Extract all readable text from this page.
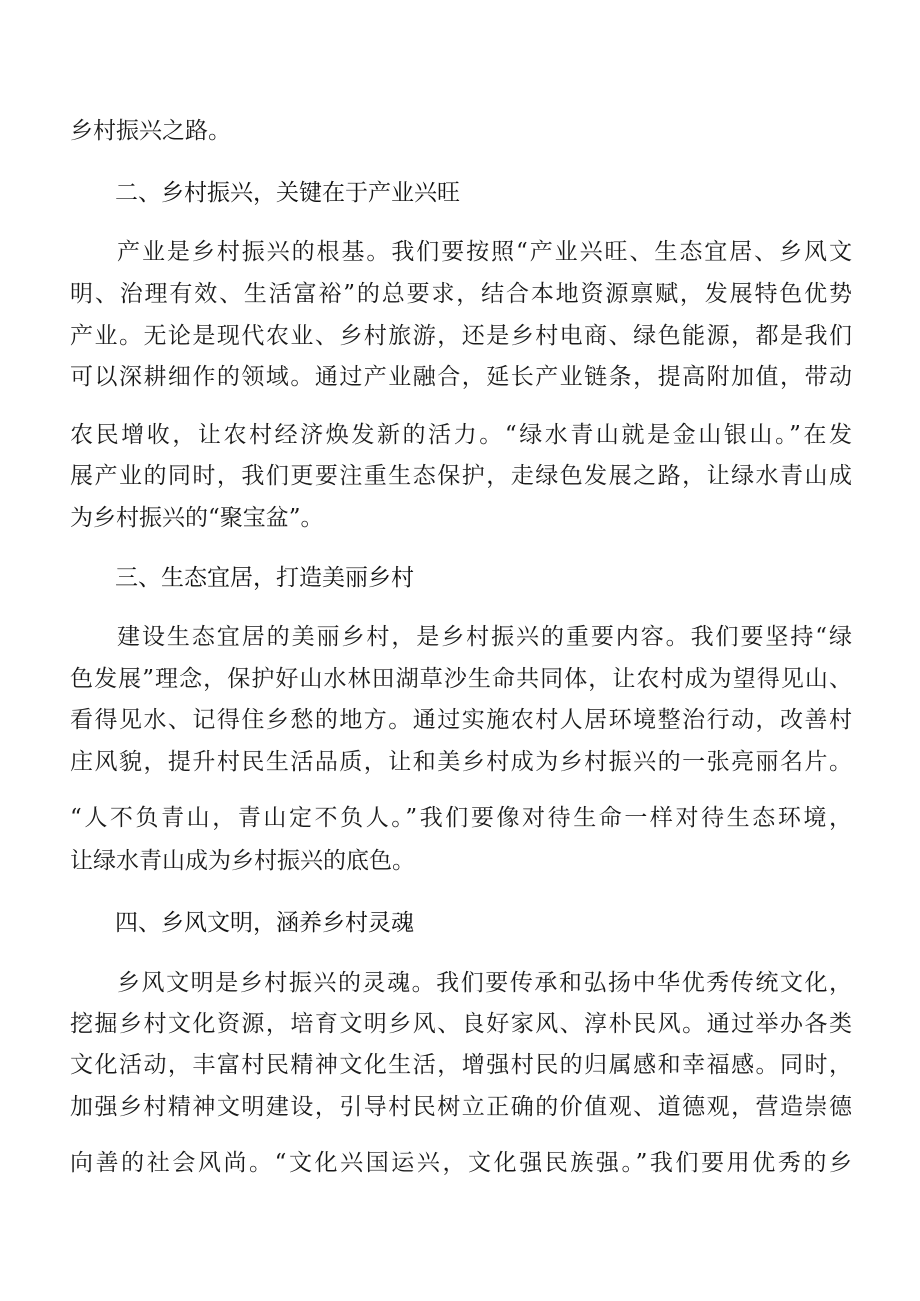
乡村振兴之路。
二、乡村振兴，关键在于产业兴旺
产业是乡村振兴的根基。我们要按照“产业兴旺、生态宜居、乡风文
明、治理有效、生活富裕”的总要求，结合本地资源禀赋，发展特色优势
产业。无论是现代农业、乡村旅游，还是乡村电商、绿色能源，都是我们
可以深耕细作的领域。通过产业融合，延长产业链条，提高附加值，带动
农民增收，让农村经济焕发新的活力。“绿水青山就是金山银山。”在发
展产业的同时，我们更要注重生态保护，走绿色发展之路，让绿水青山成
为乡村振兴的“聚宝盆”。
三、生态宜居，打造美丽乡村
建设生态宜居的美丽乡村，是乡村振兴的重要内容。我们要坚持“绿
色发展”理念，保护好山水林田湖草沙生命共同体，让农村成为望得见山、
看得见水、记得住乡愁的地方。通过实施农村人居环境整治行动，改善村
庄风貌，提升村民生活品质，让和美乡村成为乡村振兴的一张亮丽名片。
“人不负青山，青山定不负人。”我们要像对待生命一样对待生态环境，
让绿水青山成为乡村振兴的底色。
四、乡风文明，涵养乡村灵魂
乡风文明是乡村振兴的灵魂。我们要传承和弘扬中华优秀传统文化，
挖掘乡村文化资源，培育文明乡风、良好家风、淳朴民风。通过举办各类
文化活动，丰富村民精神文化生活，增强村民的归属感和幸福感。同时，
加强乡村精神文明建设，引导村民树立正确的价值观、道德观，营造崇德
向善的社会风尚。“文化兴国运兴，文化强民族强。”我们要用优秀的乡
